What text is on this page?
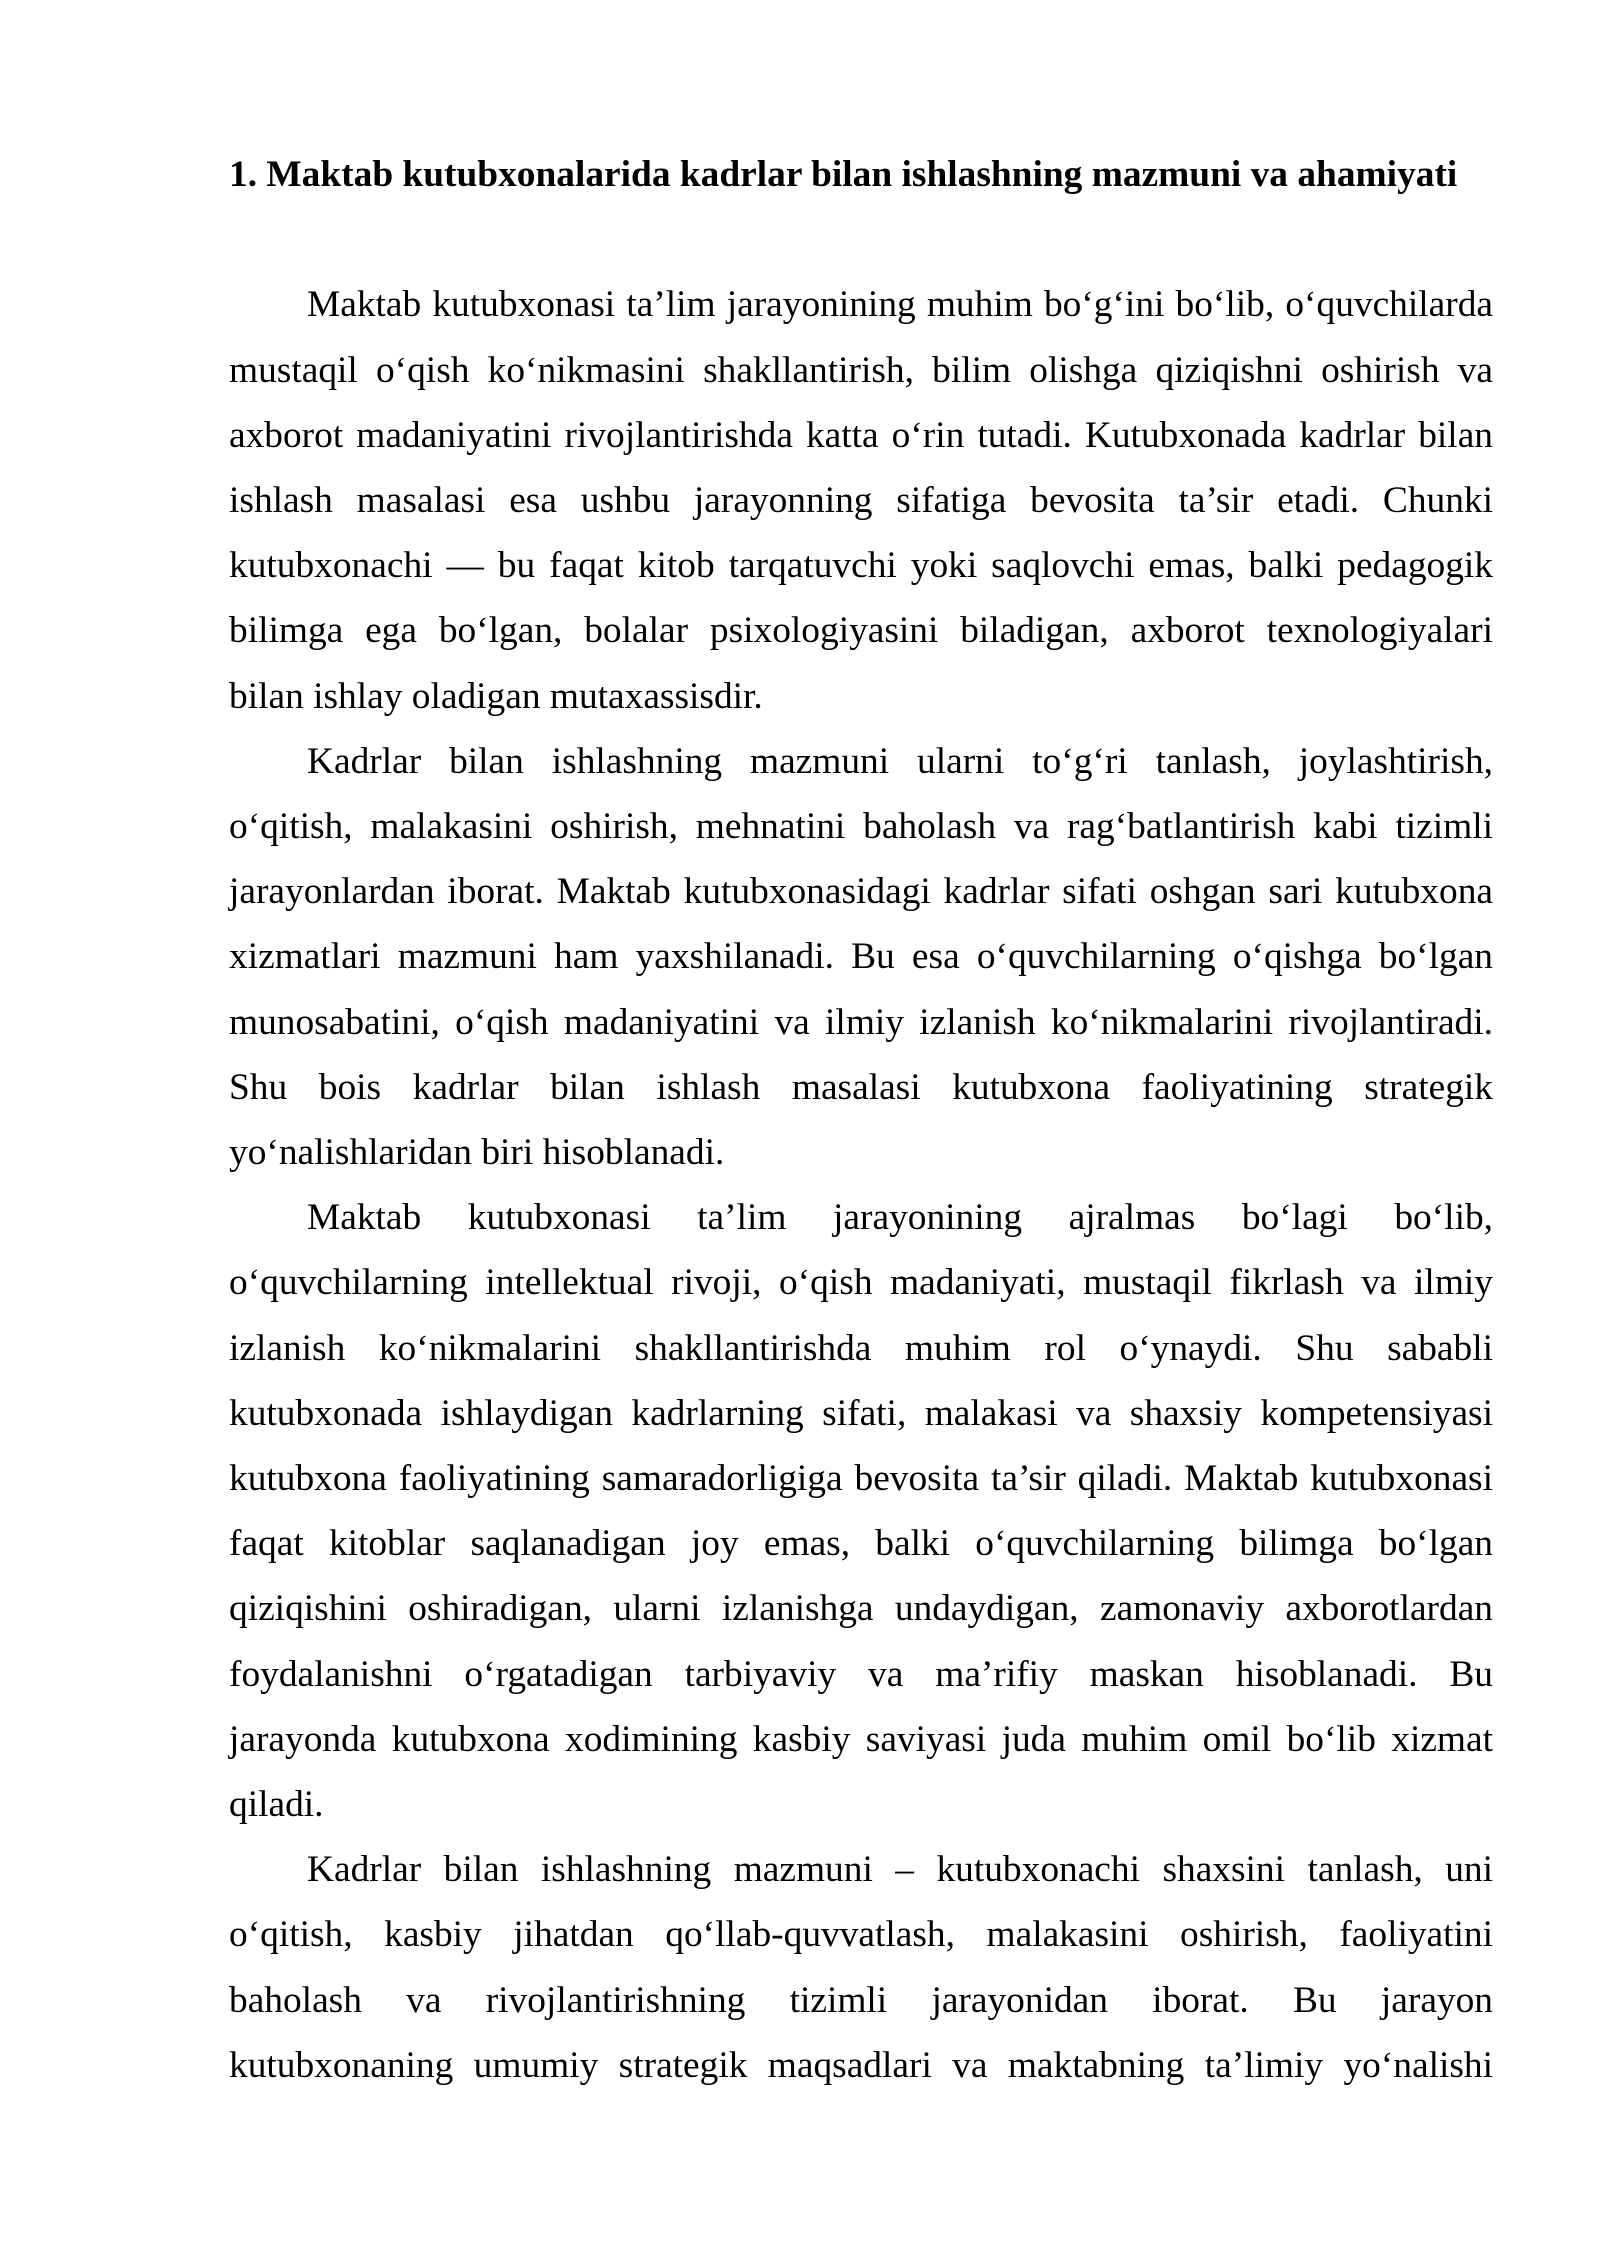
1. Maktab kutubxonalarida kadrlar bilan ishlashning mazmuni va ahamiyati
Maktab kutubxonasi ta’lim jarayonining muhim bo‘g‘ini bo‘lib, o‘quvchilarda
mustaqil o‘qish ko‘nikmasini shakllantirish, bilim olishga qiziqishni oshirish va
axborot madaniyatini rivojlantirishda katta o‘rin tutadi. Kutubxonada kadrlar bilan
ishlash masalasi esa ushbu jarayonning sifatiga bevosita ta’sir etadi. Chunki
kutubxonachi — bu faqat kitob tarqatuvchi yoki saqlovchi emas, balki pedagogik
bilimga ega bo‘lgan, bolalar psixologiyasini biladigan, axborot texnologiyalari
bilan ishlay oladigan mutaxassisdir.
Kadrlar bilan ishlashning mazmuni ularni to‘g‘ri tanlash, joylashtirish,
o‘qitish, malakasini oshirish, mehnatini baholash va rag‘batlantirish kabi tizimli
jarayonlardan iborat. Maktab kutubxonasidagi kadrlar sifati oshgan sari kutubxona
xizmatlari mazmuni ham yaxshilanadi. Bu esa o‘quvchilarning o‘qishga bo‘lgan
munosabatini, o‘qish madaniyatini va ilmiy izlanish ko‘nikmalarini rivojlantiradi.
Shu bois kadrlar bilan ishlash masalasi kutubxona faoliyatining strategik
yo‘nalishlaridan biri hisoblanadi.
Maktab kutubxonasi ta’lim jarayonining ajralmas bo‘lagi bo‘lib,
o‘quvchilarning intellektual rivoji, o‘qish madaniyati, mustaqil fikrlash va ilmiy
izlanish ko‘nikmalarini shakllantirishda muhim rol o‘ynaydi. Shu sababli
kutubxonada ishlaydigan kadrlarning sifati, malakasi va shaxsiy kompetensiyasi
kutubxona faoliyatining samaradorligiga bevosita ta’sir qiladi. Maktab kutubxonasi
faqat kitoblar saqlanadigan joy emas, balki o‘quvchilarning bilimga bo‘lgan
qiziqishini oshiradigan, ularni izlanishga undaydigan, zamonaviy axborotlardan
foydalanishni o‘rgatadigan tarbiyaviy va ma’rifiy maskan hisoblanadi. Bu
jarayonda kutubxona xodimining kasbiy saviyasi juda muhim omil bo‘lib xizmat
qiladi.
Kadrlar bilan ishlashning mazmuni – kutubxonachi shaxsini tanlash, uni
o‘qitish, kasbiy jihatdan qo‘llab-quvvatlash, malakasini oshirish, faoliyatini
baholash va rivojlantirishning tizimli jarayonidan iborat. Bu jarayon
kutubxonaning umumiy strategik maqsadlari va maktabning ta’limiy yo‘nalishi
